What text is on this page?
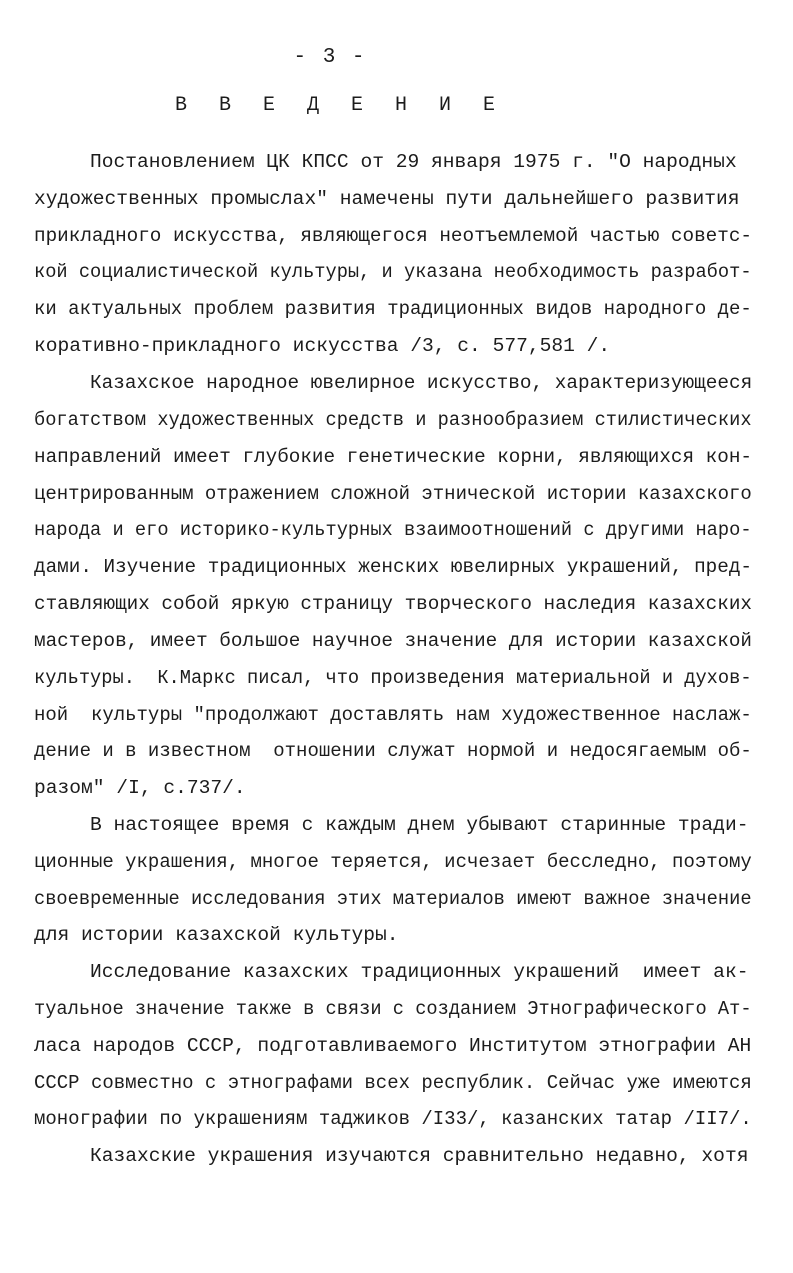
- 3 -
В В Е Д Е Н И Е
Постановлением ЦК КПСС от 29 января 1975 г. "О народных
художественных промыслах" намечены пути дальнейшего развития
прикладного искусства, являющегося неотъемлемой частью советс-
кой социалистической культуры, и указана необходимость разработ-
ки актуальных проблем развития традиционных видов народного де-
коративно-прикладного искусства /3, с. 577,581 /.
Казахское народное ювелирное искусство, характеризующееся
богатством художественных средств и разнообразием стилистических
направлений имеет глубокие генетические корни, являющихся кон-
центрированным отражением сложной этнической истории казахского
народа и его историко-культурных взаимоотношений с другими наро-
дами. Изучение традиционных женских ювелирных украшений, пред-
ставляющих собой яркую страницу творческого наследия казахских
мастеров, имеет большое научное значение для истории казахской
культуры.  К.Маркс писал, что произведения материальной и духов-
ной  культуры "продолжают доставлять нам художественное наслаж-
дение и в известном  отношении служат нормой и недосягаемым об-
разом" /I, с.737/.
В настоящее время с каждым днем убывают старинные тради-
ционные украшения, многое теряется, исчезает бесследно, поэтому
своевременные исследования этих материалов имеют важное значение
для истории казахской культуры.
Исследование казахских традиционных украшений  имеет ак-
туальное значение также в связи с созданием Этнографического Ат-
ласа народов СССР, подготавливаемого Институтом этнографии АН
СССР совместно с этнографами всех республик. Сейчас уже имеются
монографии по украшениям таджиков /I33/, казанских татар /II7/.
Казахские украшения изучаются сравнительно недавно, хотя
